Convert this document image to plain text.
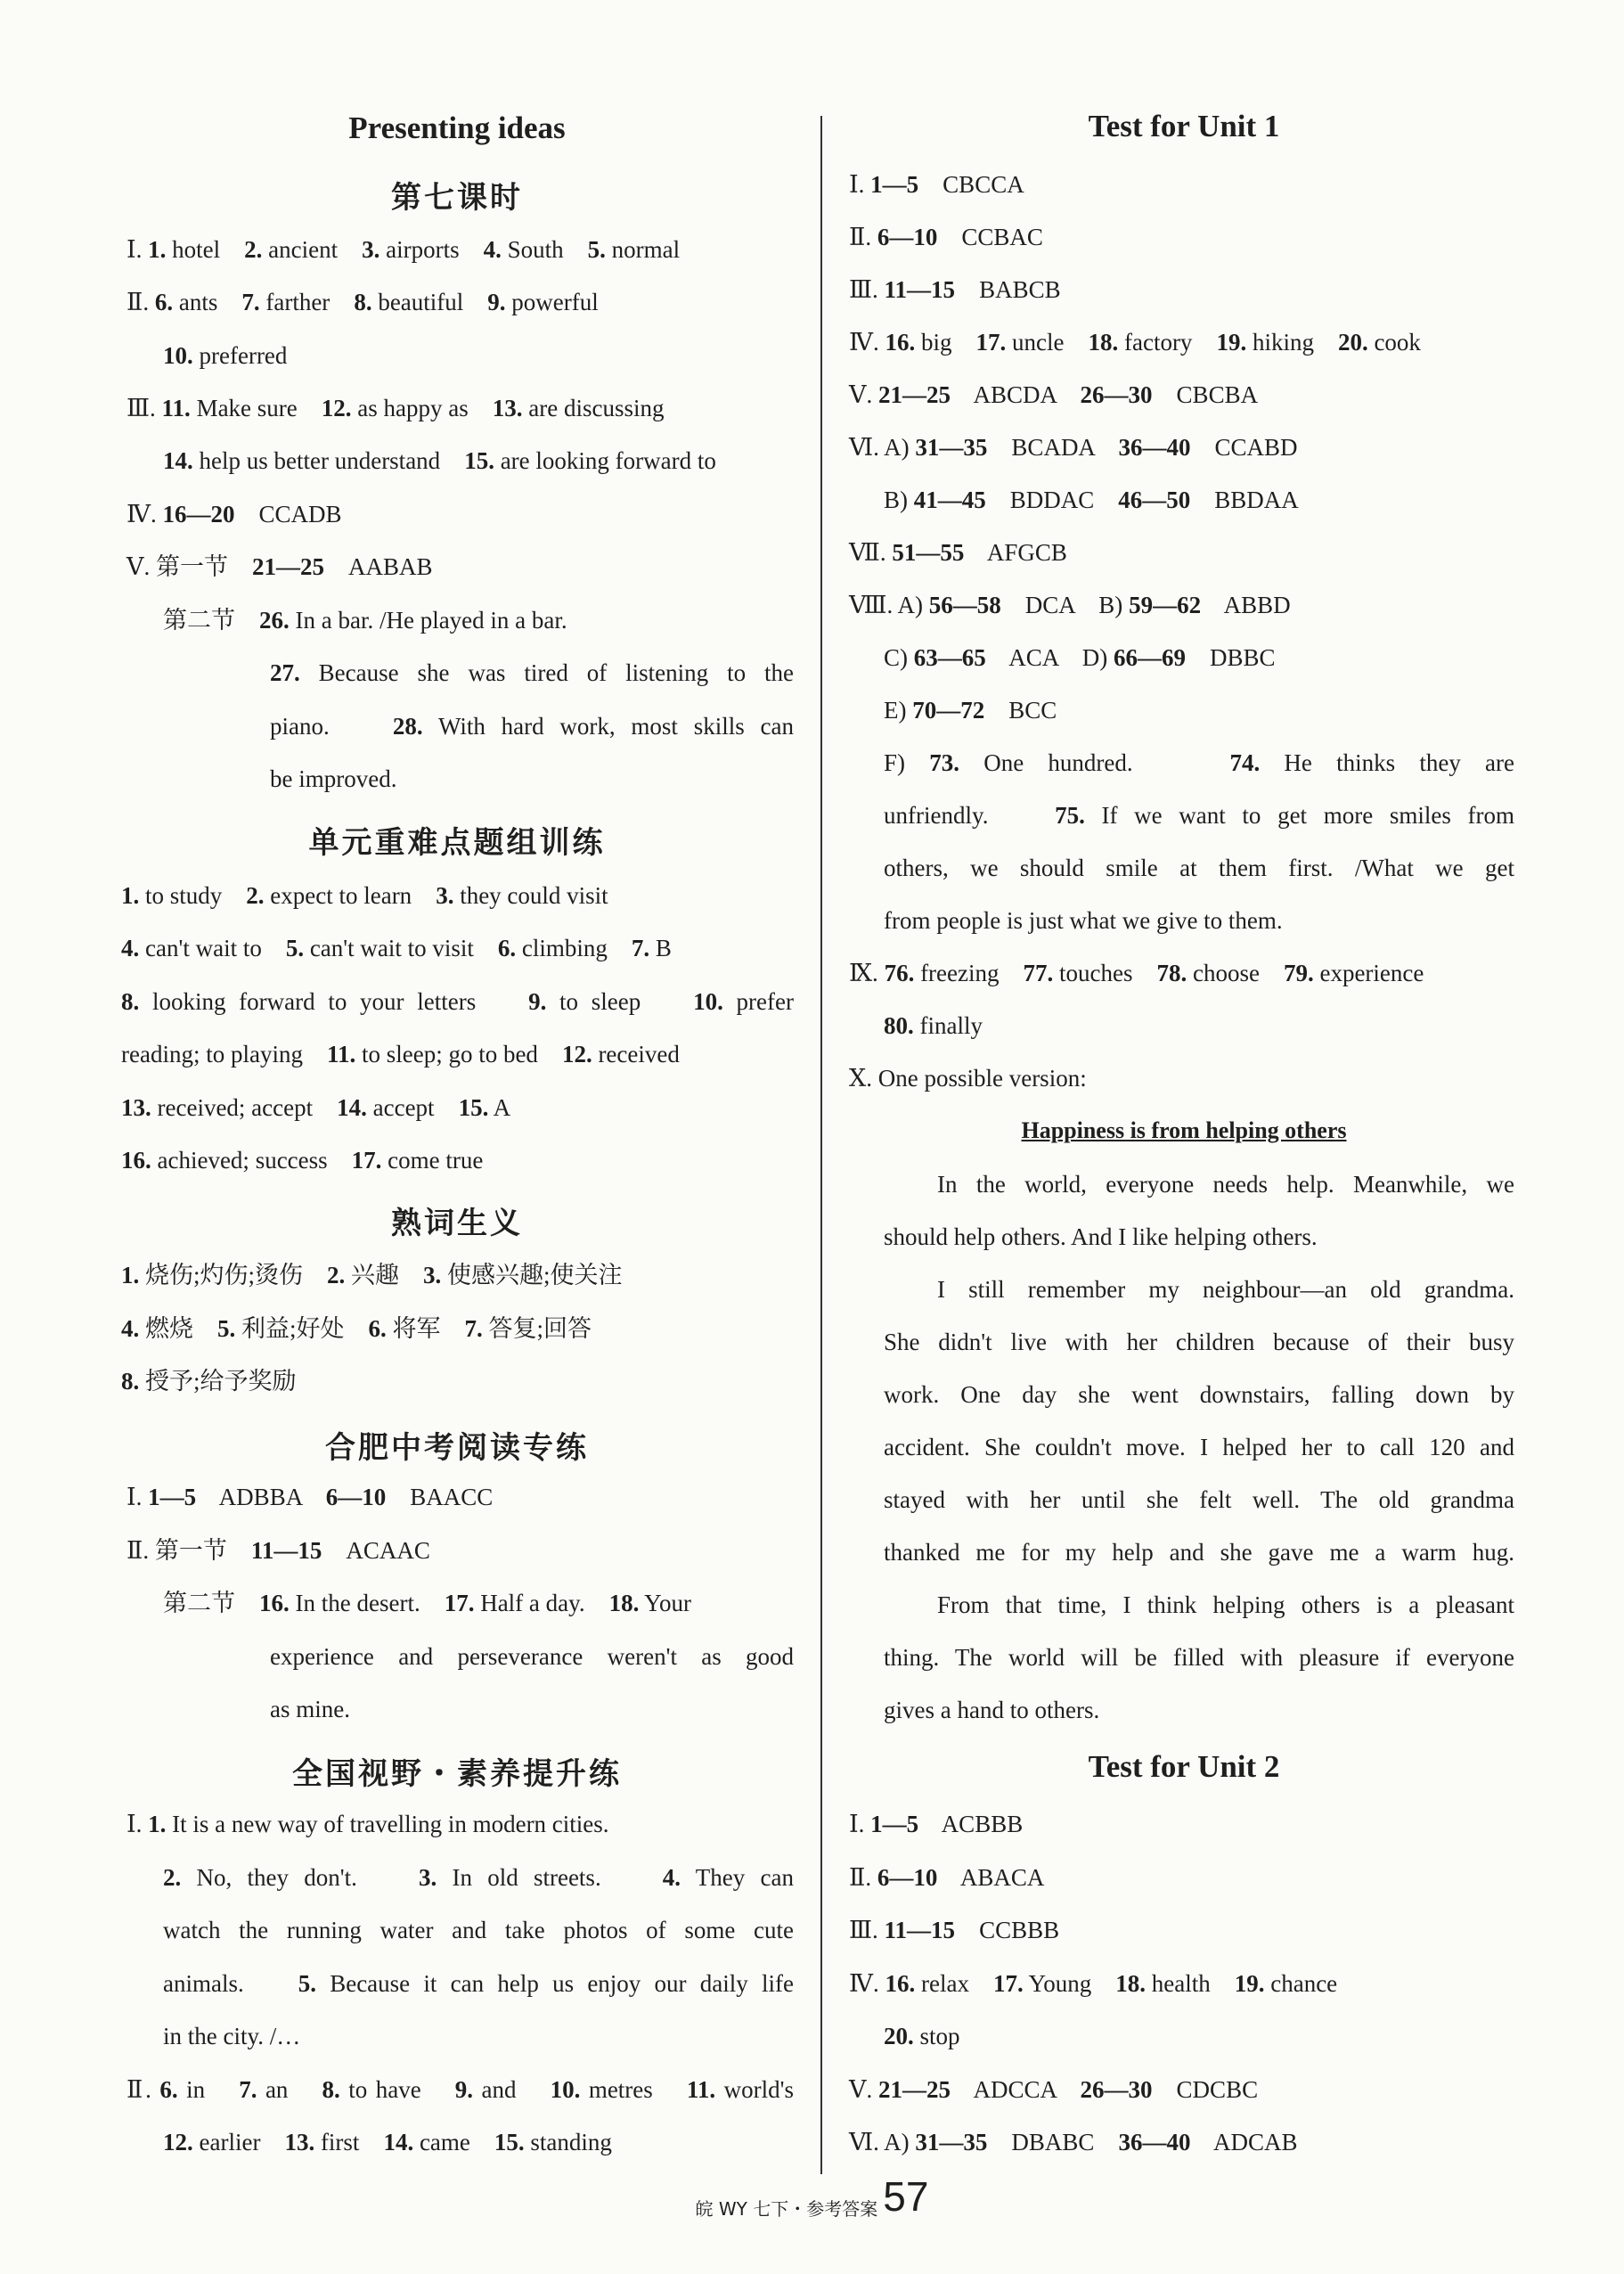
Presenting ideas
第七课时
Ⅰ. 1. hotel    2. ancient    3. airports    4. South    5. normal
Ⅱ. 6. ants    7. farther    8. beautiful    9. powerful
10. preferred
Ⅲ. 11. Make sure    12. as happy as    13. are discussing
14. help us better understand    15. are looking forward to
Ⅳ. 16—20    CCADB
Ⅴ. 第一节    21—25    AABAB
第二节    26. In a bar. /He played in a bar.
27. Because she was tired of listening to the
piano.    28. With hard work, most skills can
be improved.
单元重难点题组训练
1. to study    2. expect to learn    3. they could visit
4. can't wait to    5. can't wait to visit    6. climbing    7. B
8. looking forward to your letters    9. to sleep    10. prefer
reading; to playing    11. to sleep; go to bed    12. received
13. received; accept    14. accept    15. A
16. achieved; success    17. come true
熟词生义
1. 烧伤;灼伤;烫伤    2. 兴趣    3. 使感兴趣;使关注
4. 燃烧    5. 利益;好处    6. 将军    7. 答复;回答
8. 授予;给予奖励
合肥中考阅读专练
Ⅰ. 1—5    ADBBA    6—10    BAACC
Ⅱ. 第一节    11—15    ACAAC
第二节    16. In the desert.    17. Half a day.    18. Your
experience and perseverance weren't as good
as mine.
全国视野・素养提升练
Ⅰ. 1. It is a new way of travelling in modern cities.
2. No, they don't.    3. In old streets.    4. They can
watch the running water and take photos of some cute
animals.    5. Because it can help us enjoy our daily life
in the city. /…
Ⅱ. 6. in    7. an    8. to have    9. and    10. metres    11. world's
12. earlier    13. first    14. came    15. standing
Test for Unit 1
Ⅰ. 1—5    CBCCA
Ⅱ. 6—10    CCBAC
Ⅲ. 11—15    BABCB
Ⅳ. 16. big    17. uncle    18. factory    19. hiking    20. cook
Ⅴ. 21—25    ABCDA    26—30    CBCBA
Ⅵ. A) 31—35    BCADA    36—40    CCABD
B) 41—45    BDDAC    46—50    BBDAA
Ⅶ. 51—55    AFGCB
Ⅷ. A) 56—58    DCA    B) 59—62    ABBD
C) 63—65    ACA    D) 66—69    DBBC
E) 70—72    BCC
F) 73. One hundred.    74. He thinks they are
unfriendly.    75. If we want to get more smiles from
others, we should smile at them first. /What we get
from people is just what we give to them.
Ⅸ. 76. freezing    77. touches    78. choose    79. experience
80. finally
Ⅹ. One possible version:
Happiness is from helping others
In the world, everyone needs help. Meanwhile, we
should help others. And I like helping others.
I still remember my neighbour—an old grandma.
She didn't live with her children because of their busy
work. One day she went downstairs, falling down by
accident. She couldn't move. I helped her to call 120 and
stayed with her until she felt well. The old grandma
thanked me for my help and she gave me a warm hug.
From that time, I think helping others is a pleasant
thing. The world will be filled with pleasure if everyone
gives a hand to others.
Test for Unit 2
Ⅰ. 1—5    ACBBB
Ⅱ. 6—10    ABACA
Ⅲ. 11—15    CCBBB
Ⅳ. 16. relax    17. Young    18. health    19. chance
20. stop
Ⅴ. 21—25    ADCCA    26—30    CDCBC
Ⅵ. A) 31—35    DBABC    36—40    ADCAB
皖 WY 七下・参考答案 57
